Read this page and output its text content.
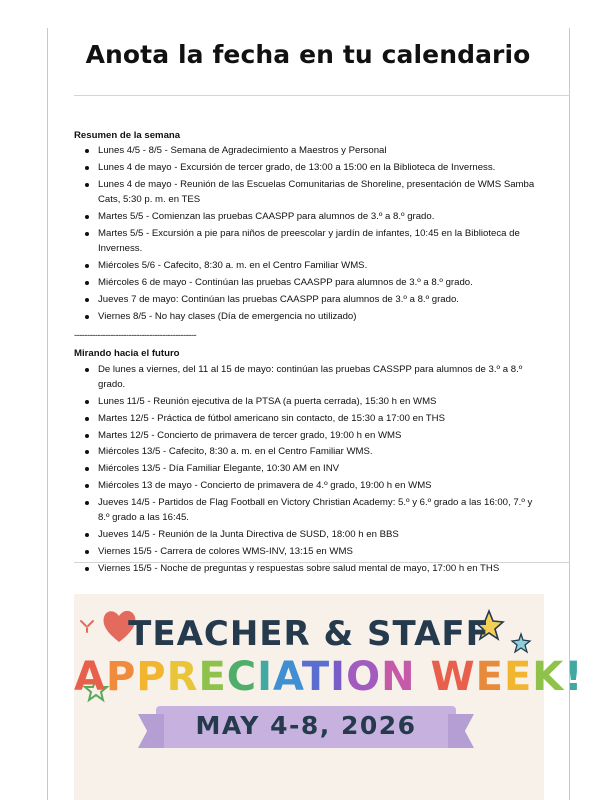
Anota la fecha en tu calendario

Resumen de la semana

Lunes 4/5 - 8/5 - Semana de Agradecimiento a Maestros y Personal
Lunes 4 de mayo - Excursión de tercer grado, de 13:00 a 15:00 en la Biblioteca de Inverness.
Lunes 4 de mayo - Reunión de las Escuelas Comunitarias de Shoreline, presentación de WMS Samba Cats, 5:30 p. m. en TES
Martes 5/5 - Comienzan las pruebas CAASPP para alumnos de 3.º a 8.º grado.
Martes 5/5 - Excursión a pie para niños de preescolar y jardín de infantes, 10:45 en la Biblioteca de Inverness.
Miércoles 5/6 - Cafecito, 8:30 a. m. en el Centro Familiar WMS.
Miércoles 6 de mayo - Continúan las pruebas CAASPP para alumnos de 3.º a 8.º grado.
Jueves 7 de mayo: Continúan las pruebas CAASPP para alumnos de 3.º a 8.º grado.
Viernes 8/5 - No hay clases (Día de emergencia no utilizado)
-----------------------------------------------

Mirando hacia el futuro

De lunes a viernes, del 11 al 15 de mayo: continúan las pruebas CASSPP para alumnos de 3.º a 8.º grado.
Lunes 11/5 - Reunión ejecutiva de la PTSA (a puerta cerrada), 15:30 h en WMS
Martes 12/5 - Práctica de fútbol americano sin contacto, de 15:30 a 17:00 en THS
Martes 12/5 - Concierto de primavera de tercer grado, 19:00 h en WMS
Miércoles 13/5 - Cafecito, 8:30 a. m. en el Centro Familiar WMS.
Miércoles 13/5 - Día Familiar Elegante, 10:30 AM en INV
Miércoles 13 de mayo - Concierto de primavera de 4.º grado, 19:00 h en WMS
Jueves 14/5 - Partidos de Flag Football en Victory Christian Academy: 5.º y 6.º grado a las 16:00, 7.º y 8.º grado a las 16:45.
Jueves 14/5 - Reunión de la Junta Directiva de SUSD, 18:00 h en BBS
Viernes 15/5 - Carrera de colores WMS-INV, 13:15 en WMS
Viernes 15/5 - Noche de preguntas y respuestas sobre salud mental de mayo, 17:00 h en THS
TEACHER & STAFF
APPRECIATION WEEK!
MAY 4-8, 2026
